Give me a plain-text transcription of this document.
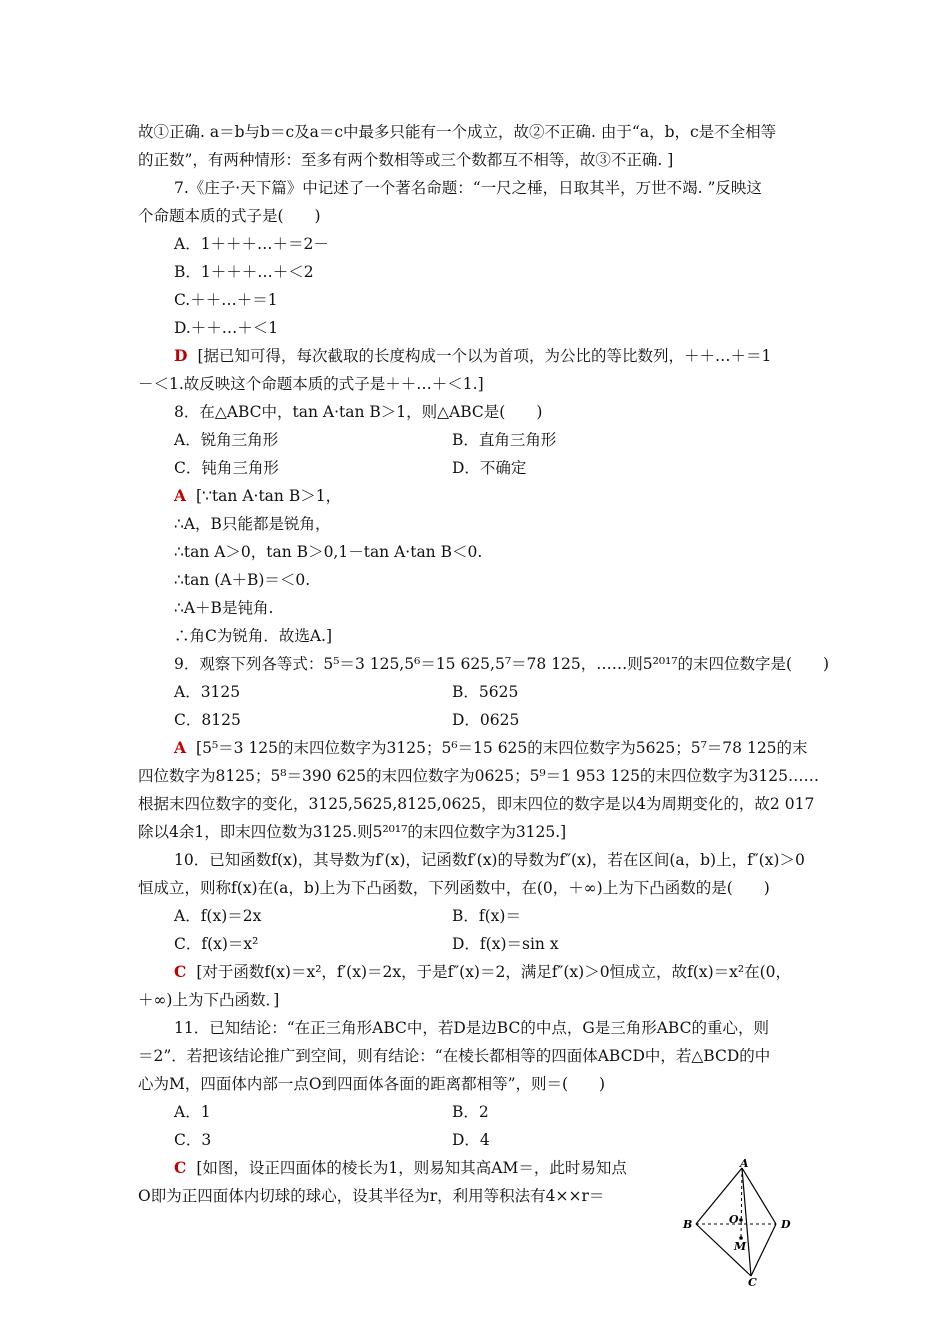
故①正确. a＝b与b＝c及a＝c中最多只能有一个成立，故②不正确. 由于“a，b，c是不全相等
的正数”，有两种情形：至多有两个数相等或三个数都互不相等，故③不正确. ]
7.《庄子·天下篇》中记述了一个著名命题：“一尺之棰，日取其半，万世不竭. ”反映这
个命题本质的式子是(　　)
A．1＋＋＋…＋＝2－
B．1＋＋＋…＋＜2
C.＋＋…＋＝1
D.＋＋…＋＜1
D [据已知可得，每次截取的长度构成一个以为首项，为公比的等比数列，＋＋…＋＝1
－＜1.故反映这个命题本质的式子是＋＋…＋＜1.]
8．在△ABC中，tan A·tan B＞1，则△ABC是(　　)
A．锐角三角形	B．直角三角形
C．钝角三角形	D．不确定
A [∵tan A·tan B＞1，
∴A，B只能都是锐角，
∴tan A＞0，tan B＞0,1－tan A·tan B＜0.
∴tan (A＋B)＝＜0.
∴A＋B是钝角.
∴角C为锐角．故选A.]
9．观察下列各等式：5⁵＝3 125,5⁶＝15 625,5⁷＝78 125，……则5²⁰¹⁷的末四位数字是(　　)
A．3125	B．5625
C．8125	D．0625
A [5⁵＝3 125的末四位数字为3125；5⁶＝15 625的末四位数字为5625；5⁷＝78 125的末
四位数字为8125；5⁸＝390 625的末四位数字为0625；5⁹＝1 953 125的末四位数字为3125……
根据末四位数字的变化，3125,5625,8125,0625，即末四位的数字是以4为周期变化的，故2 017
除以4余1，即末四位数为3125.则5²⁰¹⁷的末四位数字为3125.]
10．已知函数f(x)，其导数为f′(x)，记函数f′(x)的导数为f″(x)，若在区间(a，b)上，f″(x)＞0
恒成立，则称f(x)在(a，b)上为下凸函数，下列函数中，在(0，＋∞)上为下凸函数的是(　　)
A．f(x)＝2x	B．f(x)＝
C．f(x)＝x²	D．f(x)＝sin x
C [对于函数f(x)＝x²，f′(x)＝2x，于是f″(x)＝2，满足f″(x)＞0恒成立，故f(x)＝x²在(0，
＋∞)上为下凸函数．]
11．已知结论：“在正三角形ABC中，若D是边BC的中点，G是三角形ABC的重心，则
＝2”．若把该结论推广到空间，则有结论：“在棱长都相等的四面体ABCD中，若△BCD的中
心为M，四面体内部一点O到四面体各面的距离都相等”，则＝(　　)
A．1	B．2
C．3	D．4
C [如图，设正四面体的棱长为1，则易知其高AM＝，此时易知点
O即为正四面体内切球的球心，设其半径为r，利用等积法有4××r＝
A
B	D
C
O
M
